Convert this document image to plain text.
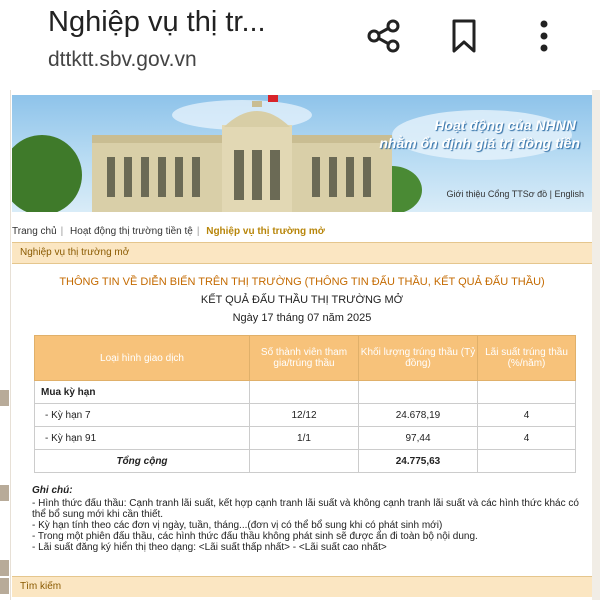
Nghiệp vụ thị tr...
dttktt.sbv.gov.vn
Hoạt động của NHNN
nhằm ổn định giá trị đồng tiền
Giới thiệu Cổng TTSơ đồ | English
Trang chủ | Hoạt động thị trường tiền tệ | Nghiệp vụ thị trường mở
Nghiệp vụ thị trường mở
THÔNG TIN VỀ DIỄN BIẾN TRÊN THỊ TRƯỜNG (THÔNG TIN ĐẤU THẦU, KẾT QUẢ ĐẤU THẦU)
KẾT QUẢ ĐẤU THẦU THỊ TRƯỜNG MỞ
Ngày 17 tháng 07 năm 2025
Loại hình giao dịch	Số thành viên tham gia/trúng thầu	Khối lượng trúng thầu (Tỷ đồng)	Lãi suất trúng thầu (%/năm)
Mua kỳ hạn			
- Kỳ hạn 7	12/12	24.678,19	4
- Kỳ hạn 91	1/1	97,44	4
Tổng cộng		24.775,63	
Ghi chú:
- Hình thức đấu thầu: Cạnh tranh lãi suất, kết hợp cạnh tranh lãi suất và không cạnh tranh lãi suất và các hình thức khác có thể bổ sung mới khi cần thiết.
- Kỳ hạn tính theo các đơn vị ngày, tuần, tháng...(đơn vị có thể bổ sung khi có phát sinh mới)
- Trong một phiên đấu thầu, các hình thức đấu thầu không phát sinh sẽ được ẩn đi toàn bộ nội dung.
- Lãi suất đăng ký hiển thị theo dạng: <Lãi suất thấp nhất> - <Lãi suất cao nhất>
Tìm kiếm
